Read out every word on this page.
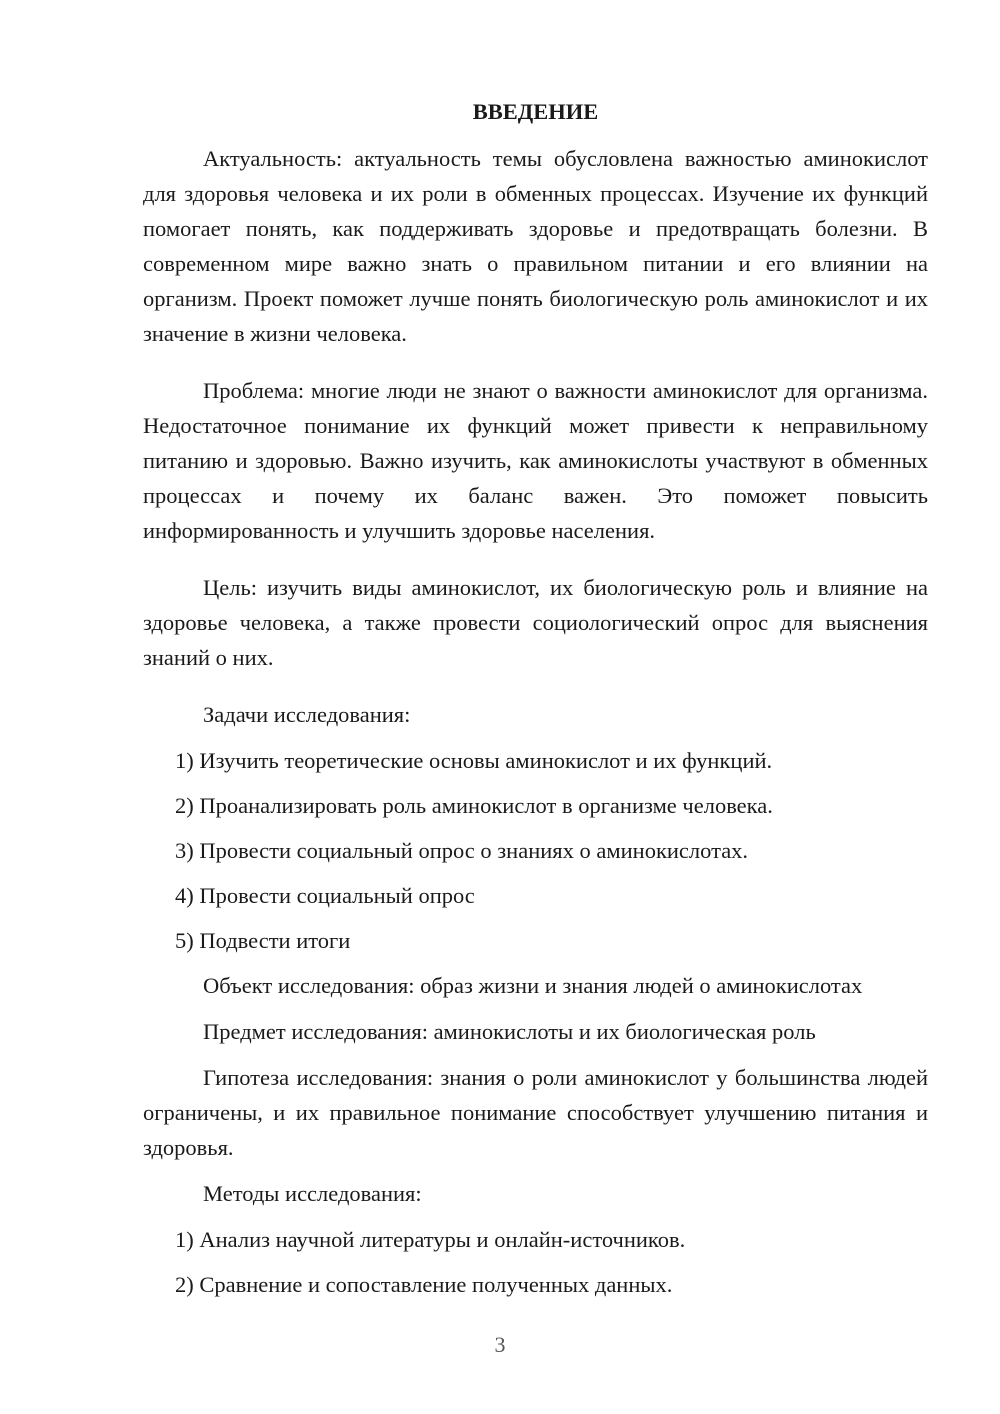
ВВЕДЕНИЕ

Актуальность: актуальность темы обусловлена важностью аминокислот для здоровья человека и их роли в обменных процессах. Изучение их функций помогает понять, как поддерживать здоровье и предотвращать болезни. В современном мире важно знать о правильном питании и его влиянии на организм. Проект поможет лучше понять биологическую роль аминокислот и их значение в жизни человека.

Проблема: многие люди не знают о важности аминокислот для организма. Недостаточное понимание их функций может привести к неправильному питанию и здоровью. Важно изучить, как аминокислоты участвуют в обменных процессах и почему их баланс важен. Это поможет повысить информированность и улучшить здоровье населения.

Цель: изучить виды аминокислот, их биологическую роль и влияние на здоровье человека, а также провести социологический опрос для выяснения знаний о них.

Задачи исследования:

1) Изучить теоретические основы аминокислот и их функций.
2) Проанализировать роль аминокислот в организме человека.
3) Провести социальный опрос о знаниях о аминокислотах.
4) Провести социальный опрос
5) Подвести итоги

Объект исследования: образ жизни и знания людей о аминокислотах

Предмет исследования: аминокислоты и их биологическая роль

Гипотеза исследования: знания о роли аминокислот у большинства людей ограничены, и их правильное понимание способствует улучшению питания и здоровья.

Методы исследования:

1) Анализ научной литературы и онлайн-источников.
2) Сравнение и сопоставление полученных данных.
3
